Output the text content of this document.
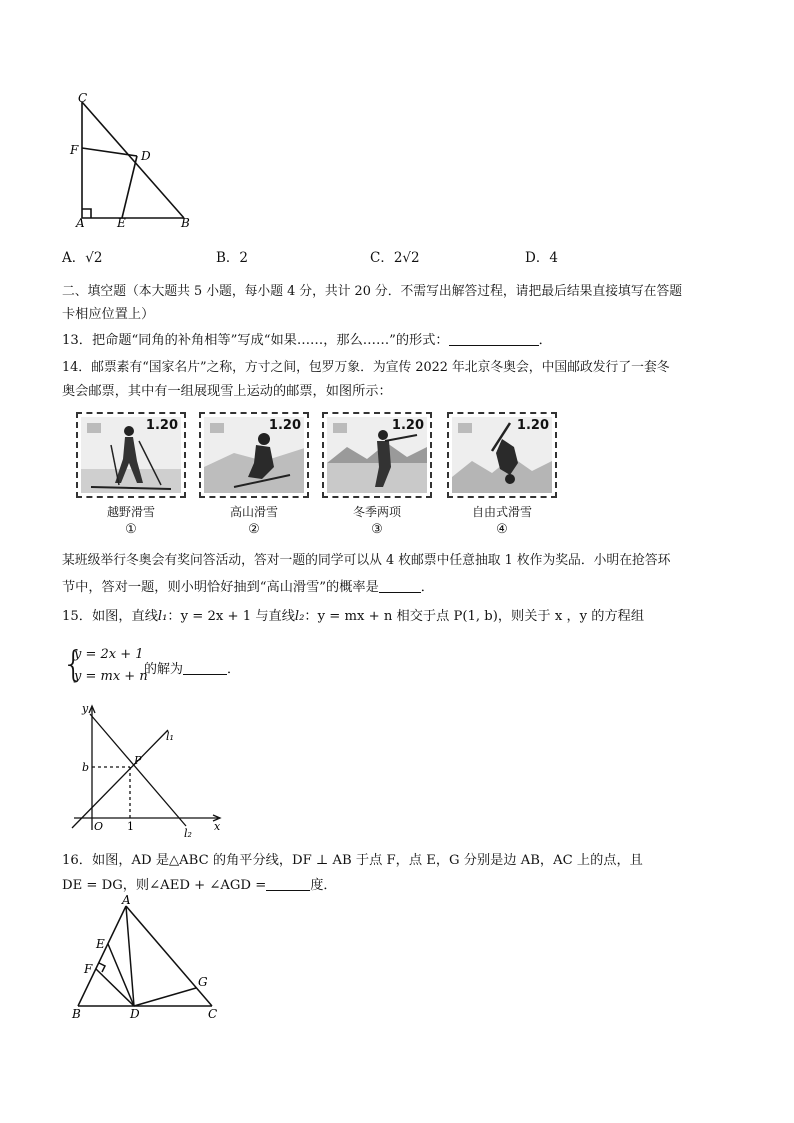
C
F	D
A	E	B
A．√2	B．2	C．2√2	D．4
二、填空题（本大题共 5 小题，每小题 4 分，共计 20 分．不需写出解答过程，请把最后结果直接填写在答题
卡相应位置上）
13．把命题“同角的补角相等”写成“如果……，那么……”的形式：	．
14．邮票素有“国家名片”之称，方寸之间，包罗万象．为宣传 2022 年北京冬奥会，中国邮政发行了一套冬
奥会邮票，其中有一组展现雪上运动的邮票，如图所示：
1.20	1.20	1.20	1.20
越野滑雪	高山滑雪	冬季两项	自由式滑雪
①	②	③	④
某班级举行冬奥会有奖问答活动，答对一题的同学可以从 4 枚邮票中任意抽取 1 枚作为奖品．小明在抢答环
节中，答对一题，则小明恰好抽到“高山滑雪”的概率是	．
15．如图，直线l₁：y = 2x + 1 与直线l₂：y = mx + n 相交于点 P(1, b)，则关于 x ，y 的方程组
{
y = 2x + 1
y = mx + n
的解为	．
y
x
b
P
O 1
l₁
l₂
16．如图，AD 是△ABC 的角平分线，DF ⊥ AB 于点 F，点 E，G 分别是边 AB，AC 上的点，且
DE = DG，则∠AED + ∠AGD =	度．
A
E
F
G
B	D	C
